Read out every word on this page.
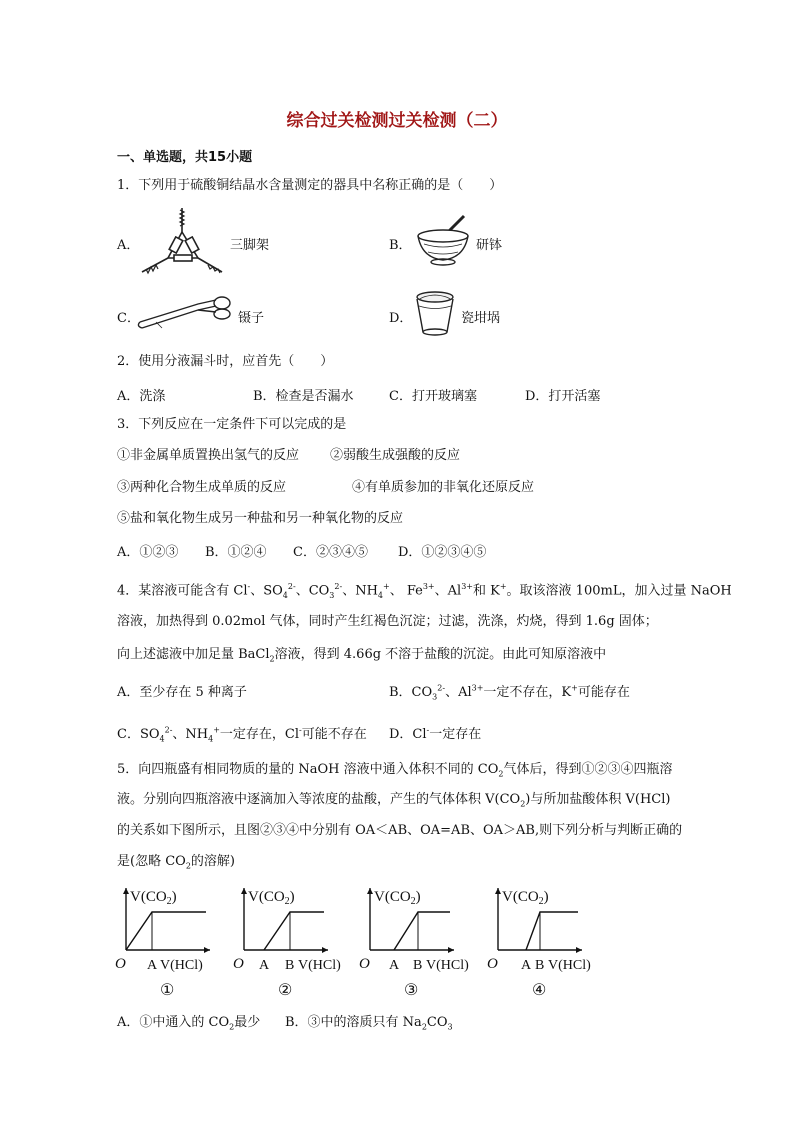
综合过关检测过关检测（二）
一、单选题，共15小题
1．下列用于硫酸铜结晶水含量测定的器具中名称正确的是（　　）
A．	三脚架	B．	研钵
C．	镊子	D．	瓷坩埚
2．使用分液漏斗时，应首先（　　）
A．洗涤	B．检查是否漏水	C．打开玻璃塞	D．打开活塞
3．下列反应在一定条件下可以完成的是
①非金属单质置换出氢气的反应 ②弱酸生成强酸的反应
③两种化合物生成单质的反应	④有单质参加的非氧化还原反应
⑤盐和氧化物生成另一种盐和另一种氧化物的反应
A．①②③ B．①②④ C．②③④⑤ D．①②③④⑤
4．某溶液可能含有 Cl-、$SO_4^{2-}$、$CO_3^{2-}$、$NH_4^+$、 $Fe^{3+}$、$Al^{3+}$和 K+。取该溶液 100mL，加入过量 NaOH
溶液，加热得到 0.02mol 气体，同时产生红褐色沉淀；过滤，洗涤，灼烧，得到 1.6g 固体；
向上述滤液中加足量 BaCl$_2$溶液，得到 4.66g 不溶于盐酸的沉淀。由此可知原溶液中
A．至少存在 5 种离子	B．$CO_3^{2-}$、$Al^{3+}$一定不存在，K+可能存在
C．$SO_4^{2-}$、$NH_4^+$一定存在，Cl-可能不存在 D．Cl-一定存在
5．向四瓶盛有相同物质的量的 NaOH 溶液中通入体积不同的 $CO_2$气体后，得到①②③④四瓶溶
液。分别向四瓶溶液中逐滴加入等浓度的盐酸，产生的气体体积 $V(CO_2)$与所加盐酸体积 V(HCl)
的关系如下图所示，且图②③④中分别有 OA＜AB、OA=AB、OA＞AB,则下列分析与判断正确的
是(忽略 $CO_2$的溶解)
$V(CO_2)$
O A V(HCl)
①
$V(CO_2)$
O A B V(HCl)
②
$V(CO_2)$
O A B V(HCl)
③
$V(CO_2)$
O A B V(HCl)
④
A．①中通入的 $CO_2$最少 B．③中的溶质只有 $Na_2CO_3$
